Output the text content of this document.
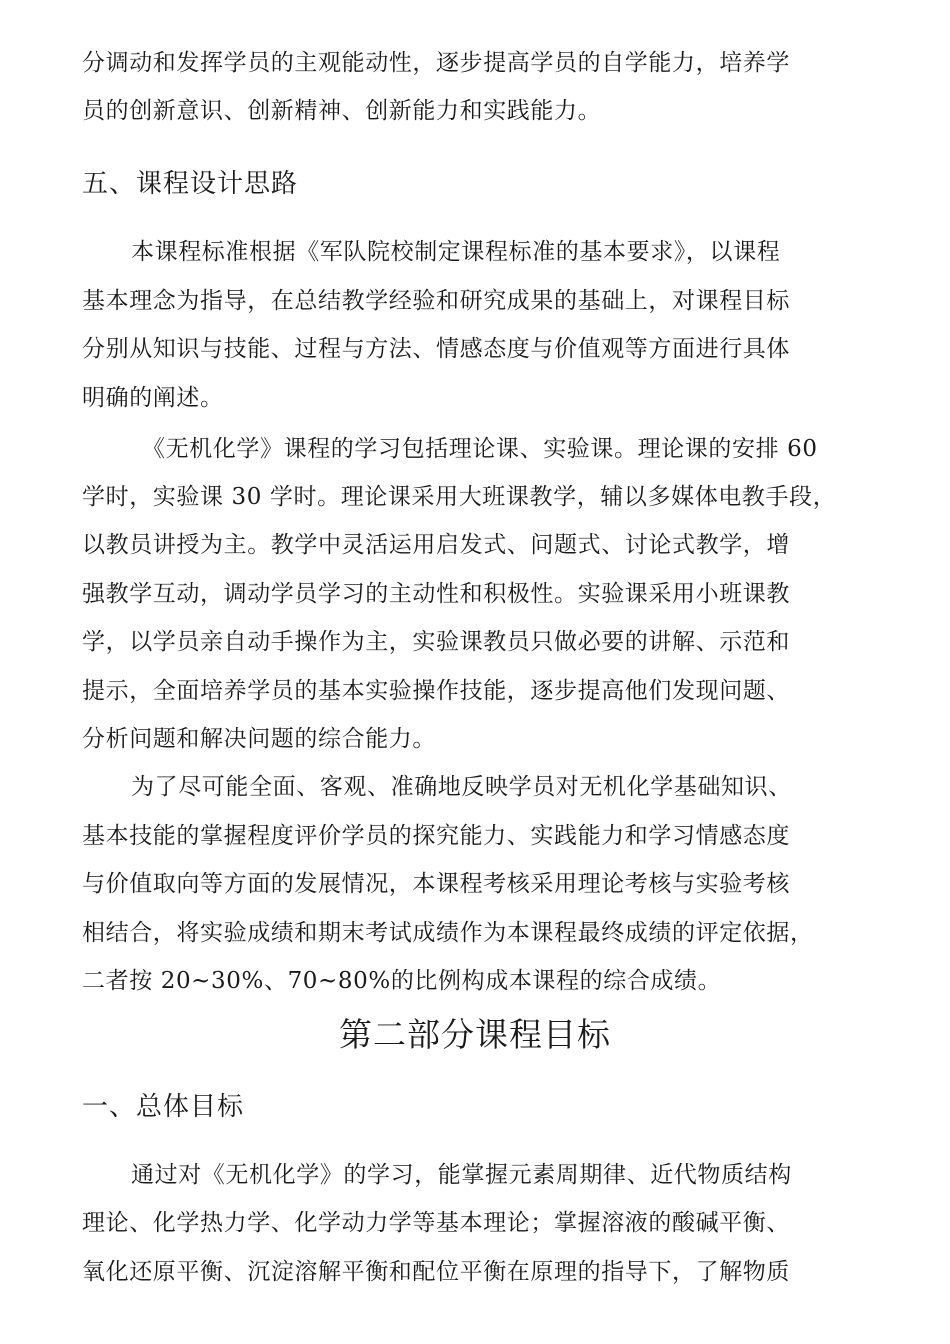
分调动和发挥学员的主观能动性，逐步提高学员的自学能力，培养学
员的创新意识、创新精神、创新能力和实践能力。
五、课程设计思路
本课程标准根据《军队院校制定课程标准的基本要求》，以课程
基本理念为指导，在总结教学经验和研究成果的基础上，对课程目标
分别从知识与技能、过程与方法、情感态度与价值观等方面进行具体
明确的阐述。
《无机化学》课程的学习包括理论课、实验课。理论课的安排 60
学时，实验课 30 学时。理论课采用大班课教学，辅以多媒体电教手段，
以教员讲授为主。教学中灵活运用启发式、问题式、讨论式教学，增
强教学互动，调动学员学习的主动性和积极性。实验课采用小班课教
学，以学员亲自动手操作为主，实验课教员只做必要的讲解、示范和
提示，全面培养学员的基本实验操作技能，逐步提高他们发现问题、
分析问题和解决问题的综合能力。
为了尽可能全面、客观、准确地反映学员对无机化学基础知识、
基本技能的掌握程度评价学员的探究能力、实践能力和学习情感态度
与价值取向等方面的发展情况，本课程考核采用理论考核与实验考核
相结合，将实验成绩和期末考试成绩作为本课程最终成绩的评定依据，
二者按 20~30%、70~80%的比例构成本课程的综合成绩。
第二部分课程目标
一、总体目标
通过对《无机化学》的学习，能掌握元素周期律、近代物质结构
理论、化学热力学、化学动力学等基本理论；掌握溶液的酸碱平衡、
氧化还原平衡、沉淀溶解平衡和配位平衡在原理的指导下，了解物质
